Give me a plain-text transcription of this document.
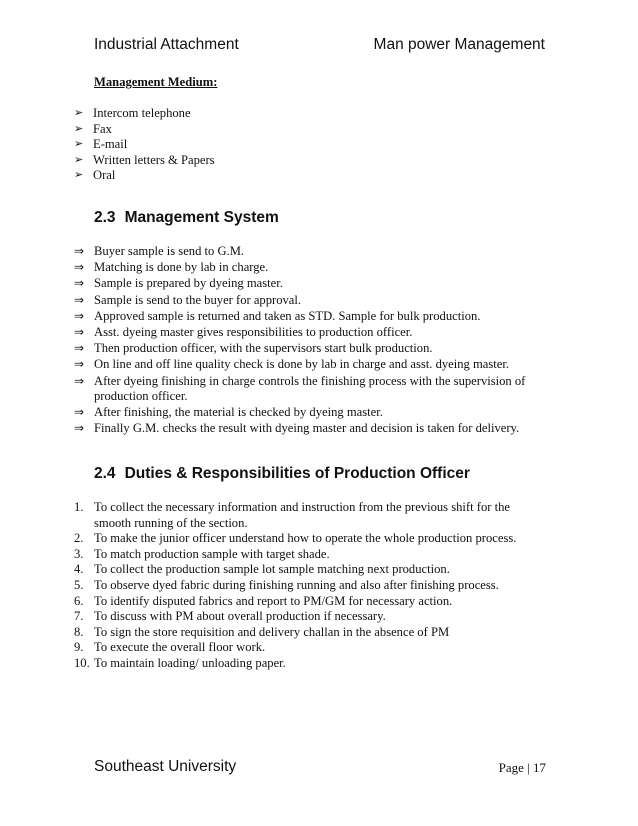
Industrial Attachment	Man power Management
Management Medium:
➢ Intercom telephone
➢ Fax
➢ E-mail
➢ Written letters & Papers
➢ Oral
2.3 Management System
⇒ Buyer sample is send to G.M.
⇒ Matching is done by lab in charge.
⇒ Sample is prepared by dyeing master.
⇒ Sample is send to the buyer for approval.
⇒ Approved sample is returned and taken as STD. Sample for bulk production.
⇒ Asst. dyeing master gives responsibilities to production officer.
⇒ Then production officer, with the supervisors start bulk production.
⇒ On line and off line quality check is done by lab in charge and asst. dyeing master.
⇒ After dyeing finishing in charge controls the finishing process with the supervision of production officer.
⇒ After finishing, the material is checked by dyeing master.
⇒ Finally G.M. checks the result with dyeing master and decision is taken for delivery.
2.4 Duties & Responsibilities of Production Officer
1. To collect the necessary information and instruction from the previous shift for the smooth running of the section.
2. To make the junior officer understand how to operate the whole production process.
3. To match production sample with target shade.
4. To collect the production sample lot sample matching next production.
5. To observe dyed fabric during finishing running and also after finishing process.
6. To identify disputed fabrics and report to PM/GM for necessary action.
7. To discuss with PM about overall production if necessary.
8. To sign the store requisition and delivery challan in the absence of PM
9. To execute the overall floor work.
10. To maintain loading/ unloading paper.
Southeast University	Page | 17
